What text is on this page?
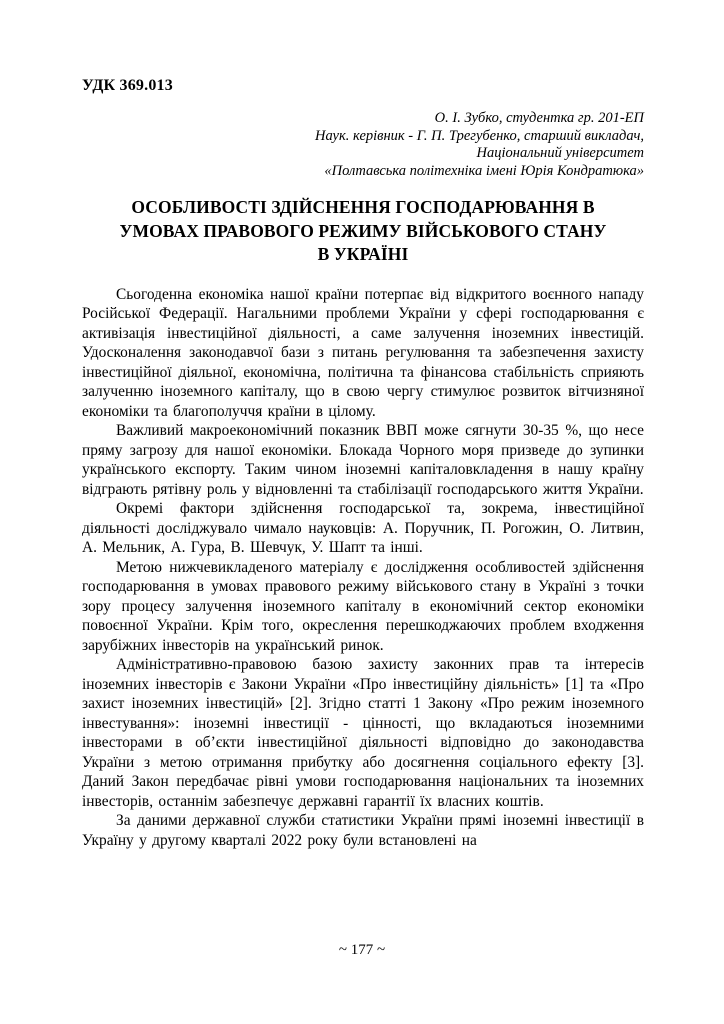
УДК 369.013
О. І. Зубко, студентка гр. 201-ЕП
Наук. керівник - Г. П. Трегубенко, старший викладач,
Національний університет
«Полтавська політехніка імені Юрія Кондратюка»
ОСОБЛИВОСТІ ЗДІЙСНЕННЯ ГОСПОДАРЮВАННЯ В
УМОВАХ ПРАВОВОГО РЕЖИМУ ВІЙСЬКОВОГО СТАНУ
В УКРАЇНІ

Сьогоденна економіка нашої країни потерпає від відкритого воєнного нападу Російської Федерації. Нагальними проблеми України у сфері господарювання є активізація інвестиційної діяльності, а саме залучення іноземних інвестицій. Удосконалення законодавчої бази з питань регулювання та забезпечення захисту інвестиційної діяльної, економічна, політична та фінансова стабільність сприяють залученню іноземного капіталу, що в свою чергу стимулює розвиток вітчизняної економіки та благополуччя країни в цілому.

Важливий макроекономічний показник ВВП може сягнути 30-35 %, що несе пряму загрозу для нашої економіки. Блокада Чорного моря призведе до зупинки українського експорту. Таким чином іноземні капіталовкладення в нашу країну відграють рятівну роль у відновленні та стабілізації господарського життя України.

Окремі фактори здійснення господарської та, зокрема, інвестиційної діяльності досліджувало чимало науковців: А. Поручник, П. Рогожин, О. Литвин, А. Мельник, А. Гура, В. Шевчук, У. Шапт та інші.

Метою нижчевикладеного матеріалу є дослідження особливостей здійснення господарювання в умовах правового режиму військового стану в Україні з точки зору процесу залучення іноземного капіталу в економічний сектор економіки повоєнної України. Крім того, окреслення перешкоджаючих проблем входження зарубіжних інвесторів на український ринок.

Адміністративно-правовою базою захисту законних прав та інтересів іноземних інвесторів є Закони України «Про інвестиційну діяльність» [1] та «Про захист іноземних інвестицій» [2]. Згідно статті 1 Закону «Про режим іноземного інвестування»: іноземні інвестиції - цінності, що вкладаються іноземними інвесторами в об’єкти інвестиційної діяльності відповідно до законодавства України з метою отримання прибутку або досягнення соціального ефекту [3]. Даний Закон передбачає рівні умови господарювання національних та іноземних інвесторів, останнім забезпечує державні гарантії їх власних коштів.

За даними державної служби статистики України прямі іноземні інвестиції в Україну у другому кварталі 2022 року були встановлені на

~ 177 ~
